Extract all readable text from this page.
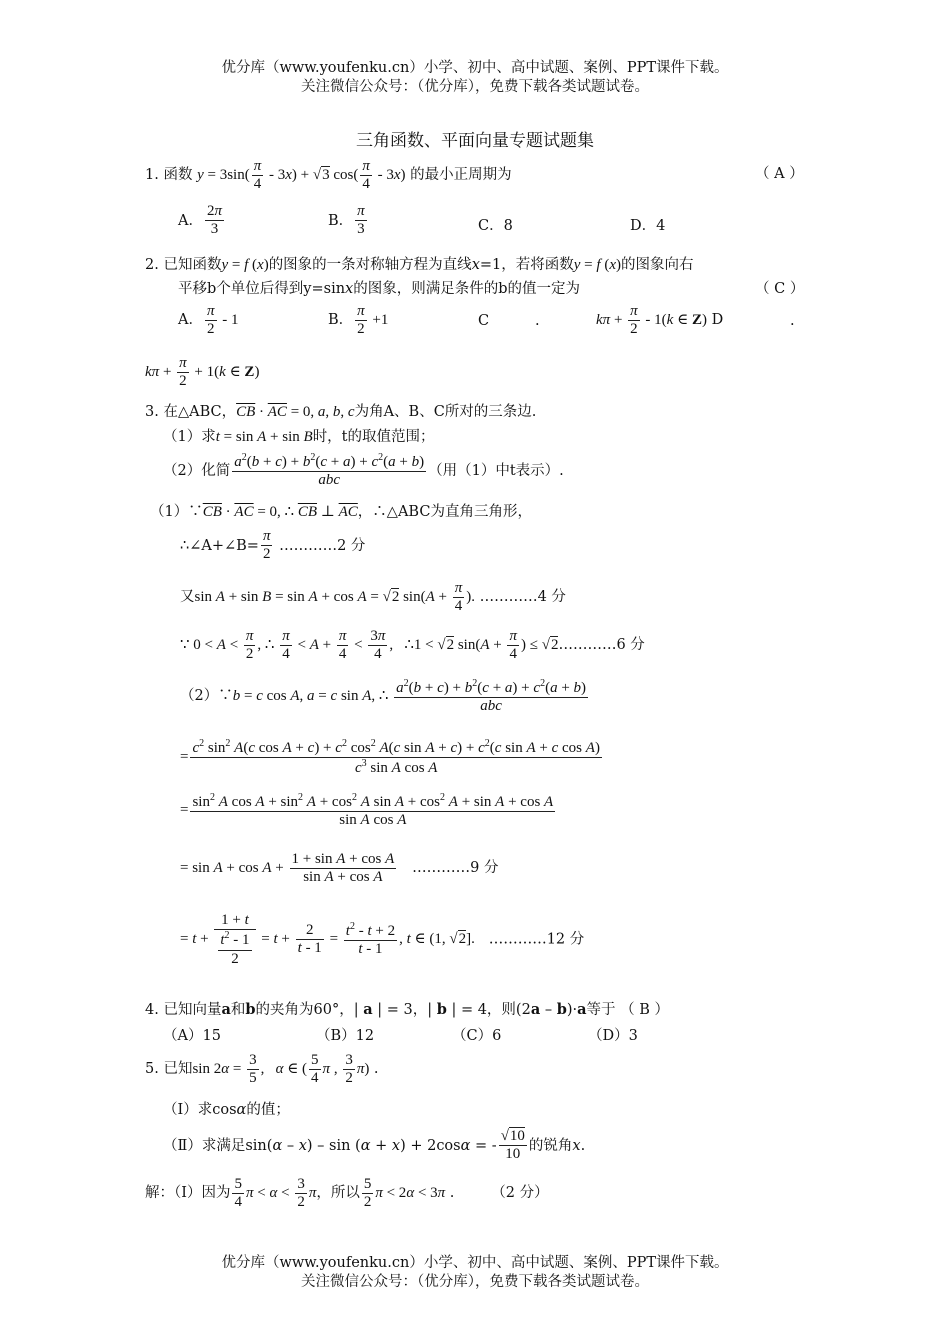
优分库（www.youfenku.cn）小学、初中、高中试题、案例、PPT课件下载。
关注微信公众号：（优分库），免费下载各类试题试卷。
三角函数、平面向量专题试题集
1. 函数 $y = 3\sin( \frac{\pi}{4} - 3x) + √3$ $\cos( \frac{\pi}{4} - 3x)$ 的最小正周期为	（ A ）
A． $\frac{2\pi}{3}$	B． $\frac{\pi}{3}$	C．8	D．4
2. 已知函数y = f (x)的图象的一条对称轴方程为直线x=1，若将函数y = f (x)的图象向右
平移b个单位后得到y=sinx的图象，则满足条件的b的值一定为	（ C ）
A． $\frac{\pi}{2} - 1$	B． $\frac{\pi}{2} +1$	C	.	$k\pi + \frac{\pi}{2} - 1(k$ ∈ Z) D	.
$k\pi + \frac{\pi}{2} + 1(k$ ∈ Z)
3. 在△ABC，$\overline{CB} \cdot \overline{AC} = 0$, a, b, c为角A、B、C所对的三条边.
（1）求t = sin A + sin B时，t的取值范围；
（2）化简 $\frac{a^2(b + c) + b^2(c + a) + c^2(a + b)}{\text{abc}}$ （用（1）中t表示）.
$(1)\because\overline{CB} \cdot \overline{AC} = 0$, ∴ $\overline{CB}$ ⊥ $\overline{AC}$，∴△ABC为直角三角形，
∴∠A+∠B= $\frac{\pi}{2}$ …………2 分
又sin A + sin B = sin A + cos A = √2 $\sin(A + \frac{\pi}{4}$ ). …………4 分
∵ $0 < A < \frac{\pi}{2}$ , ∴ $\frac{\pi}{4} < A + \frac{\pi}{4} < \frac{3\pi}{4}$ ,   ∴1 < √2 $\sin(A + \frac{\pi}{4}$ ) ≤ √2…………6 分
（2）∵b = c cos A, a = c sin A, ∴ $\frac{a^2(b + c) + b^2(c + a) + c^2(a + b)}{\text{abc}}$
=
$c^2$ $\sin^2 A(c$ $\cos A + c) + c^2$ $\cos^2 A(c$ $\sin A + c) + c^2(c$ sin A + c cos A)
$c^3$ sin A cos A
=
$\sin^2 A$ $\cos A + \sin^2 A + \cos^2 A$ $\sin A + \cos^2 A + \sin A + \cos A$
sin A cos A
= $\sin A + \cos A + \frac{\text{1 + sin A + cos A}}{\text{sin A + cos A}}$ …………9 分
= $t + \frac{1 + t}{\frac{t^2 - 1}{2}} = t + \frac{2}{t - 1} = \frac{t^2 - t + 2}{t - 1}$ , t ∈ (1, √2]. …………12 分
4. 已知向量a和b的夹角为60°，| a | = 3，| b | = 4，则(2a – b)·a等于 （ B ）
（A）15	（B）12	（C）6	（D）3
5. 已知$\sin 2\alpha = \frac{3}{5}$ ,   α ∈ ( $\frac{5}{4}$ π , $\frac{3}{2} \pi$) .
（Ⅰ）求cosα的值；
（Ⅱ）求满足sin(α – x) – sin (α + x) + 2cosα = - $\frac{√10}{10}$ 的锐角x.
解：（Ⅰ）因为 $\frac{5}{4}$ $\pi < \alpha < \frac{3}{2}$ π，所以 $\frac{5}{2}$ π < 2α < 3π .        （2 分）
优分库（www.youfenku.cn）小学、初中、高中试题、案例、PPT课件下载。
关注微信公众号：（优分库），免费下载各类试题试卷。
